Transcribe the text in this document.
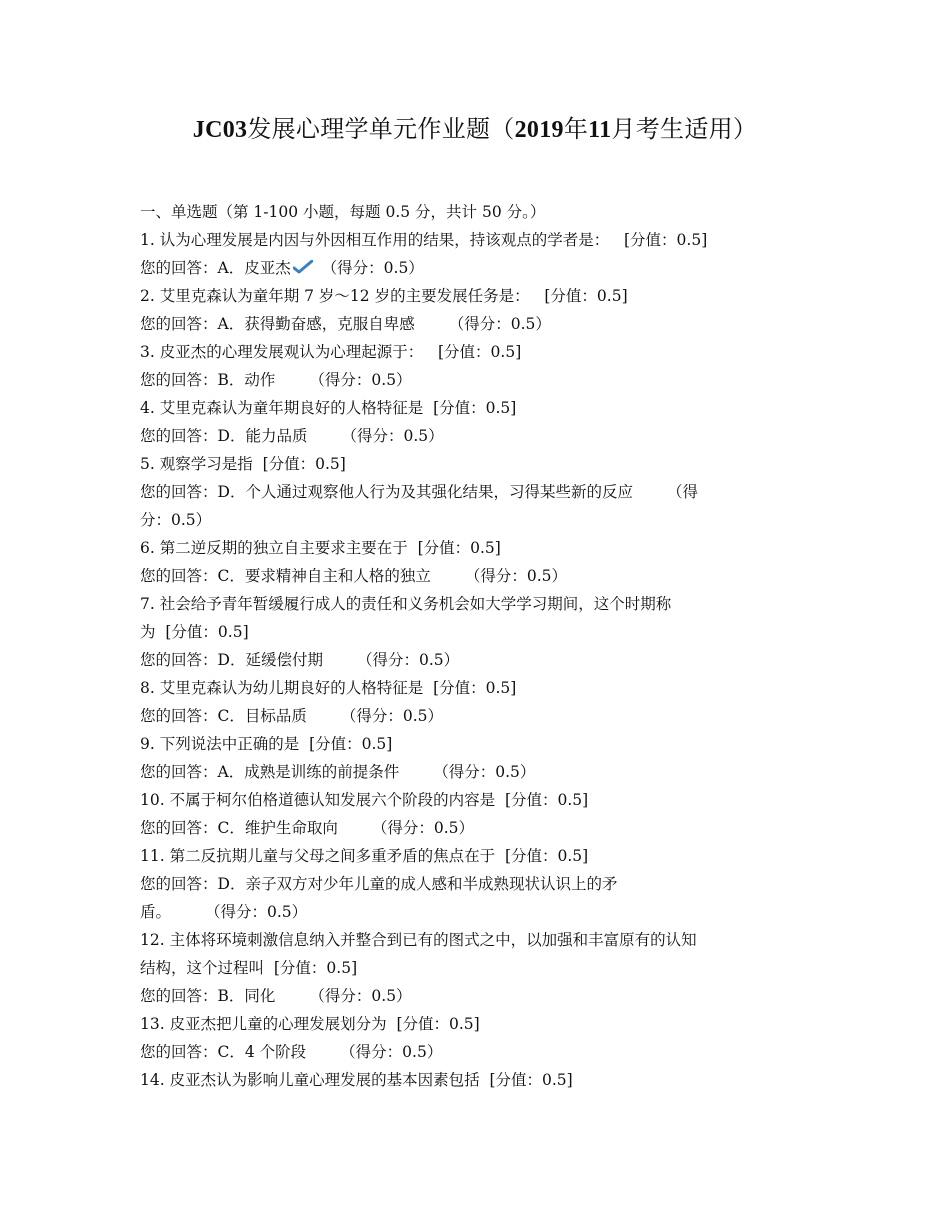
JC03发展心理学单元作业题（2019年11月考生适用）
一、单选题（第 1-100 小题，每题 0.5 分，共计 50 分。）
1. 认为心理发展是内因与外因相互作用的结果，持该观点的学者是： [分值：0.5]
您的回答：A．皮亚杰 （得分：0.5）
2. 艾里克森认为童年期 7 岁～12 岁的主要发展任务是： [分值：0.5]
您的回答：A．获得勤奋感，克服自卑感 （得分：0.5）
3. 皮亚杰的心理发展观认为心理起源于： [分值：0.5]
您的回答：B．动作 （得分：0.5）
4. 艾里克森认为童年期良好的人格特征是 [分值：0.5]
您的回答：D．能力品质 （得分：0.5）
5. 观察学习是指 [分值：0.5]
您的回答：D．个人通过观察他人行为及其强化结果，习得某些新的反应 （得
分：0.5）
6. 第二逆反期的独立自主要求主要在于 [分值：0.5]
您的回答：C．要求精神自主和人格的独立 （得分：0.5）
7. 社会给予青年暂缓履行成人的责任和义务机会如大学学习期间，这个时期称
为 [分值：0.5]
您的回答：D．延缓偿付期 （得分：0.5）
8. 艾里克森认为幼儿期良好的人格特征是 [分值：0.5]
您的回答：C．目标品质 （得分：0.5）
9. 下列说法中正确的是 [分值：0.5]
您的回答：A．成熟是训练的前提条件 （得分：0.5）
10. 不属于柯尔伯格道德认知发展六个阶段的内容是 [分值：0.5]
您的回答：C．维护生命取向 （得分：0.5）
11. 第二反抗期儿童与父母之间多重矛盾的焦点在于 [分值：0.5]
您的回答：D．亲子双方对少年儿童的成人感和半成熟现状认识上的矛
盾。 （得分：0.5）
12. 主体将环境刺激信息纳入并整合到已有的图式之中，以加强和丰富原有的认知
结构，这个过程叫 [分值：0.5]
您的回答：B．同化 （得分：0.5）
13. 皮亚杰把儿童的心理发展划分为 [分值：0.5]
您的回答：C．4 个阶段 （得分：0.5）
14. 皮亚杰认为影响儿童心理发展的基本因素包括 [分值：0.5]
